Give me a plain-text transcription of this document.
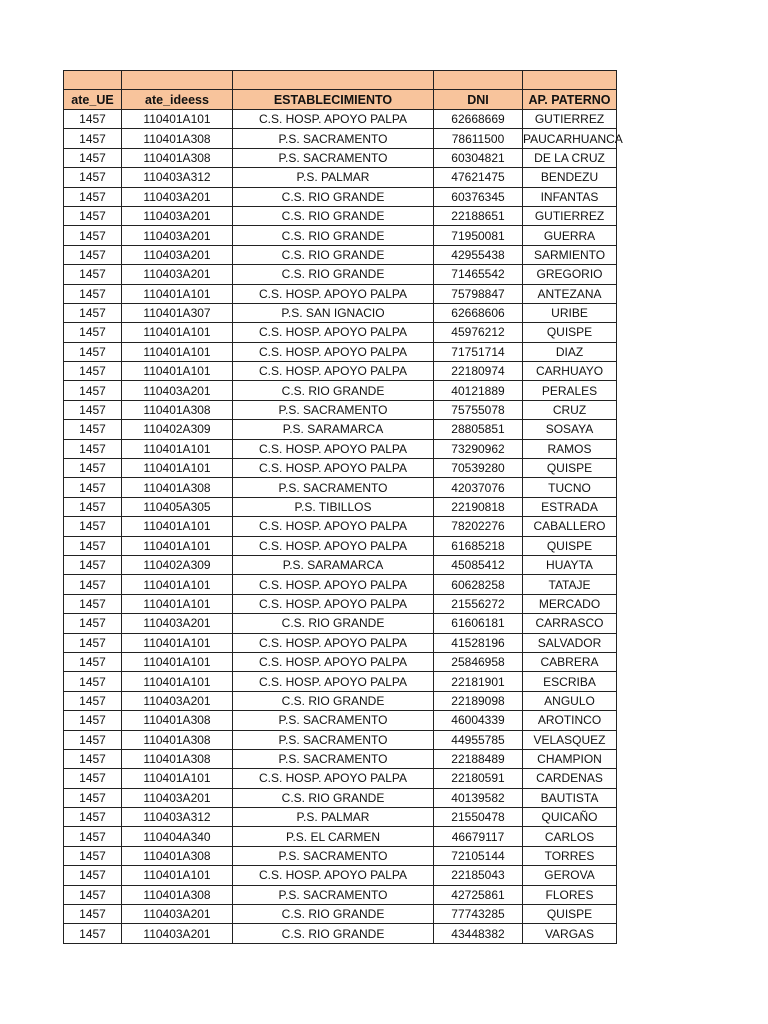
ate_UE	ate_ideess	ESTABLECIMIENTO	DNI	AP. PATERNO
1457	110401A101	C.S. HOSP. APOYO PALPA	62668669	GUTIERREZ
1457	110401A308	P.S. SACRAMENTO	78611500	PAUCARHUANCA
1457	110401A308	P.S. SACRAMENTO	60304821	DE LA CRUZ
1457	110403A312	P.S. PALMAR	47621475	BENDEZU
1457	110403A201	C.S. RIO GRANDE	60376345	INFANTAS
1457	110403A201	C.S. RIO GRANDE	22188651	GUTIERREZ
1457	110403A201	C.S. RIO GRANDE	71950081	GUERRA
1457	110403A201	C.S. RIO GRANDE	42955438	SARMIENTO
1457	110403A201	C.S. RIO GRANDE	71465542	GREGORIO
1457	110401A101	C.S. HOSP. APOYO PALPA	75798847	ANTEZANA
1457	110401A307	P.S. SAN IGNACIO	62668606	URIBE
1457	110401A101	C.S. HOSP. APOYO PALPA	45976212	QUISPE
1457	110401A101	C.S. HOSP. APOYO PALPA	71751714	DIAZ
1457	110401A101	C.S. HOSP. APOYO PALPA	22180974	CARHUAYO
1457	110403A201	C.S. RIO GRANDE	40121889	PERALES
1457	110401A308	P.S. SACRAMENTO	75755078	CRUZ
1457	110402A309	P.S. SARAMARCA	28805851	SOSAYA
1457	110401A101	C.S. HOSP. APOYO PALPA	73290962	RAMOS
1457	110401A101	C.S. HOSP. APOYO PALPA	70539280	QUISPE
1457	110401A308	P.S. SACRAMENTO	42037076	TUCNO
1457	110405A305	P.S. TIBILLOS	22190818	ESTRADA
1457	110401A101	C.S. HOSP. APOYO PALPA	78202276	CABALLERO
1457	110401A101	C.S. HOSP. APOYO PALPA	61685218	QUISPE
1457	110402A309	P.S. SARAMARCA	45085412	HUAYTA
1457	110401A101	C.S. HOSP. APOYO PALPA	60628258	TATAJE
1457	110401A101	C.S. HOSP. APOYO PALPA	21556272	MERCADO
1457	110403A201	C.S. RIO GRANDE	61606181	CARRASCO
1457	110401A101	C.S. HOSP. APOYO PALPA	41528196	SALVADOR
1457	110401A101	C.S. HOSP. APOYO PALPA	25846958	CABRERA
1457	110401A101	C.S. HOSP. APOYO PALPA	22181901	ESCRIBA
1457	110403A201	C.S. RIO GRANDE	22189098	ANGULO
1457	110401A308	P.S. SACRAMENTO	46004339	AROTINCO
1457	110401A308	P.S. SACRAMENTO	44955785	VELASQUEZ
1457	110401A308	P.S. SACRAMENTO	22188489	CHAMPION
1457	110401A101	C.S. HOSP. APOYO PALPA	22180591	CARDENAS
1457	110403A201	C.S. RIO GRANDE	40139582	BAUTISTA
1457	110403A312	P.S. PALMAR	21550478	QUICAÑO
1457	110404A340	P.S. EL CARMEN	46679117	CARLOS
1457	110401A308	P.S. SACRAMENTO	72105144	TORRES
1457	110401A101	C.S. HOSP. APOYO PALPA	22185043	GEROVA
1457	110401A308	P.S. SACRAMENTO	42725861	FLORES
1457	110403A201	C.S. RIO GRANDE	77743285	QUISPE
1457	110403A201	C.S. RIO GRANDE	43448382	VARGAS
